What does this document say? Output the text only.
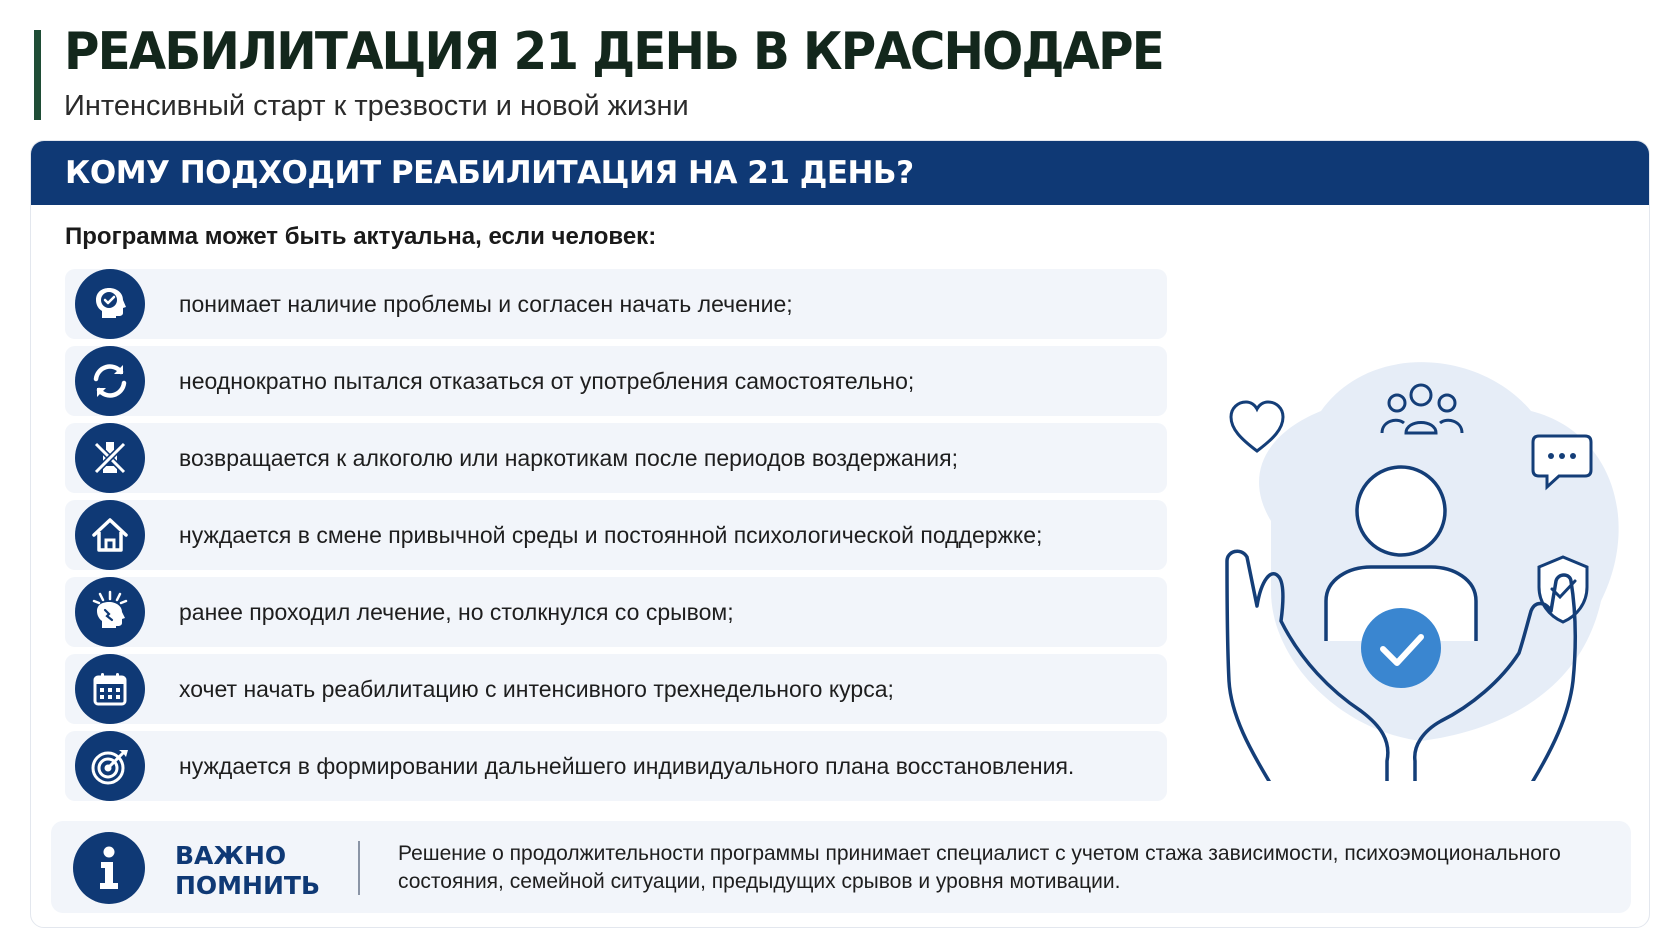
РЕАБИЛИТАЦИЯ 21 ДЕНЬ В КРАСНОДАРЕ
Интенсивный старт к трезвости и новой жизни
КОМУ ПОДХОДИТ РЕАБИЛИТАЦИЯ НА 21 ДЕНЬ?
Программа может быть актуальна, если человек:
понимает наличие проблемы и согласен начать лечение;
неоднократно пытался отказаться от употребления самостоятельно;
возвращается к алкоголю или наркотикам после периодов воздержания;
нуждается в смене привычной среды и постоянной психологической поддержке;
ранее проходил лечение, но столкнулся со срывом;
хочет начать реабилитацию с интенсивного трехнедельного курса;
нуждается в формировании дальнейшего индивидуального плана восстановления.
ВАЖНО ПОМНИТЬ
Решение о продолжительности программы принимает специалист с учетом стажа зависимости, психоэмоционального состояния, семейной ситуации, предыдущих срывов и уровня мотивации.
